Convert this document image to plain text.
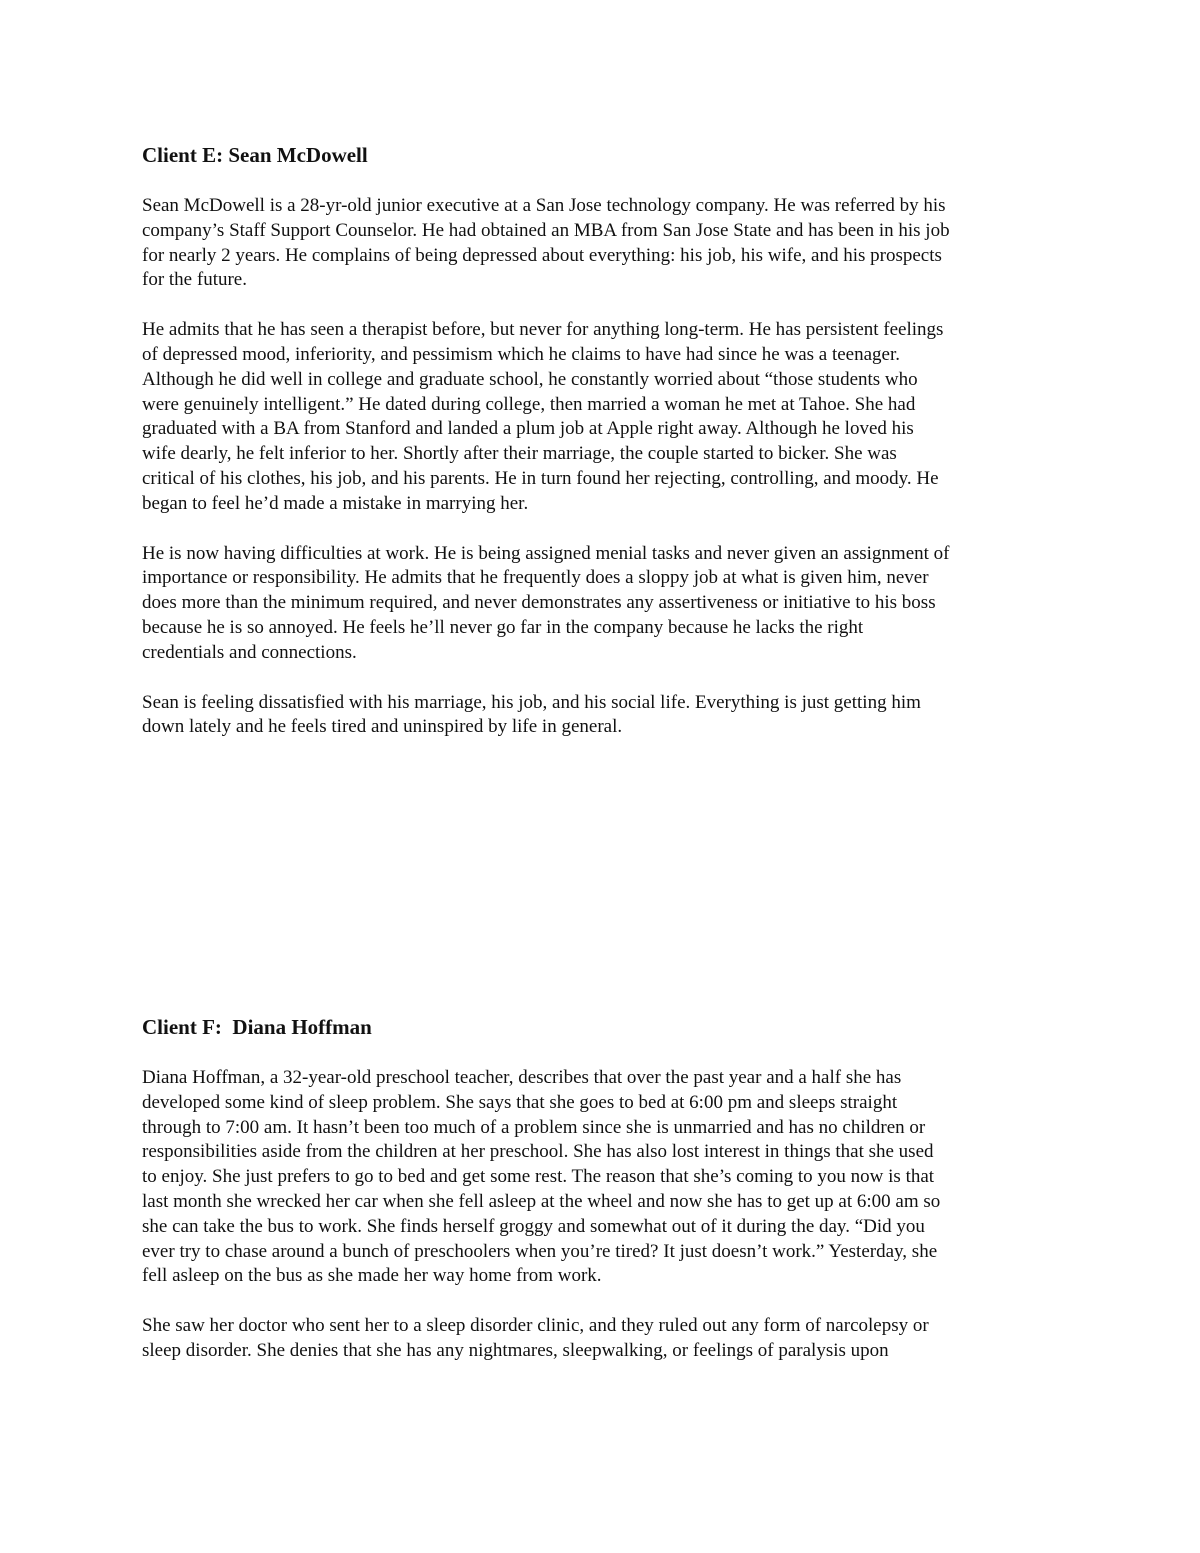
Client E: Sean McDowell
Sean McDowell is a 28-yr-old junior executive at a San Jose technology company. He was referred by his
company’s Staff Support Counselor. He had obtained an MBA from San Jose State and has been in his job
for nearly 2 years. He complains of being depressed about everything: his job, his wife, and his prospects
for the future.
He admits that he has seen a therapist before, but never for anything long-term. He has persistent feelings
of depressed mood, inferiority, and pessimism which he claims to have had since he was a teenager.
Although he did well in college and graduate school, he constantly worried about “those students who
were genuinely intelligent.” He dated during college, then married a woman he met at Tahoe. She had
graduated with a BA from Stanford and landed a plum job at Apple right away. Although he loved his
wife dearly, he felt inferior to her. Shortly after their marriage, the couple started to bicker. She was
critical of his clothes, his job, and his parents. He in turn found her rejecting, controlling, and moody. He
began to feel he’d made a mistake in marrying her.
He is now having difficulties at work. He is being assigned menial tasks and never given an assignment of
importance or responsibility. He admits that he frequently does a sloppy job at what is given him, never
does more than the minimum required, and never demonstrates any assertiveness or initiative to his boss
because he is so annoyed. He feels he’ll never go far in the company because he lacks the right
credentials and connections.
Sean is feeling dissatisfied with his marriage, his job, and his social life. Everything is just getting him
down lately and he feels tired and uninspired by life in general.
Client F:  Diana Hoffman
Diana Hoffman, a 32-year-old preschool teacher, describes that over the past year and a half she has
developed some kind of sleep problem. She says that she goes to bed at 6:00 pm and sleeps straight
through to 7:00 am. It hasn’t been too much of a problem since she is unmarried and has no children or
responsibilities aside from the children at her preschool. She has also lost interest in things that she used
to enjoy. She just prefers to go to bed and get some rest. The reason that she’s coming to you now is that
last month she wrecked her car when she fell asleep at the wheel and now she has to get up at 6:00 am so
she can take the bus to work. She finds herself groggy and somewhat out of it during the day. “Did you
ever try to chase around a bunch of preschoolers when you’re tired? It just doesn’t work.” Yesterday, she
fell asleep on the bus as she made her way home from work.
She saw her doctor who sent her to a sleep disorder clinic, and they ruled out any form of narcolepsy or
sleep disorder. She denies that she has any nightmares, sleepwalking, or feelings of paralysis upon
